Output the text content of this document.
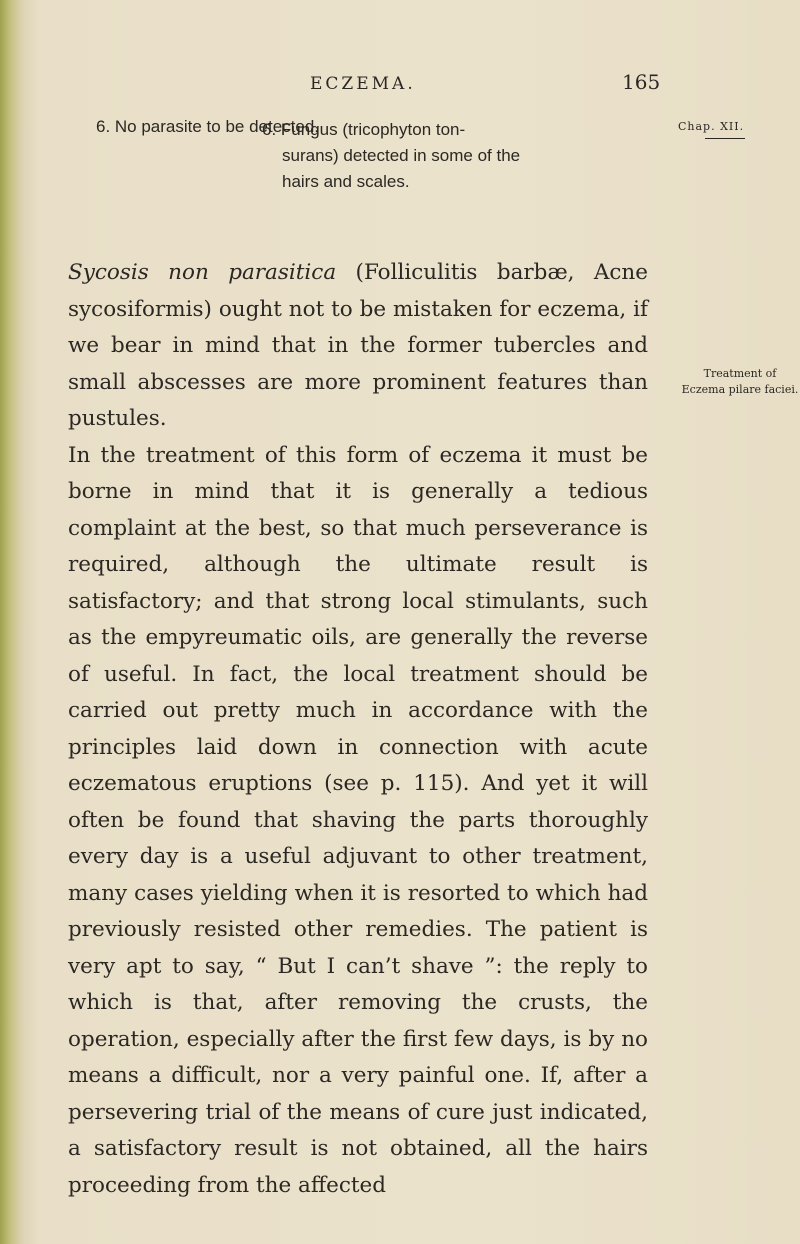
ECZEMA.	165
Chap. XII.
6. No parasite to be detected.
6. Fungus (tricophyton ton-
surans) detected in some of the
hairs and scales.
Treatment of
Eczema pilare faciei.

Sycosis non parasitica (Folliculitis barbæ, Acne sycosiformis) ought not to be mistaken for eczema, if we bear in mind that in the former tubercles and small abscesses are more prominent features than pustules.

In the treatment of this form of eczema it must be borne in mind that it is generally a tedious complaint at the best, so that much perseverance is required, although the ultimate result is satisfactory; and that strong local stimulants, such as the empyreumatic oils, are generally the reverse of useful. In fact, the local treatment should be carried out pretty much in accordance with the principles laid down in connection with acute eczematous eruptions (see p. 115). And yet it will often be found that shaving the parts thoroughly every day is a useful adjuvant to other treatment, many cases yielding when it is resorted to which had previously resisted other remedies. The patient is very apt to say, “ But I can’t shave ”: the reply to which is that, after removing the crusts, the operation, especially after the first few days, is by no means a difficult, nor a very painful one. If, after a persevering trial of the means of cure just indicated, a satisfactory result is not obtained, all the hairs proceeding from the affected
